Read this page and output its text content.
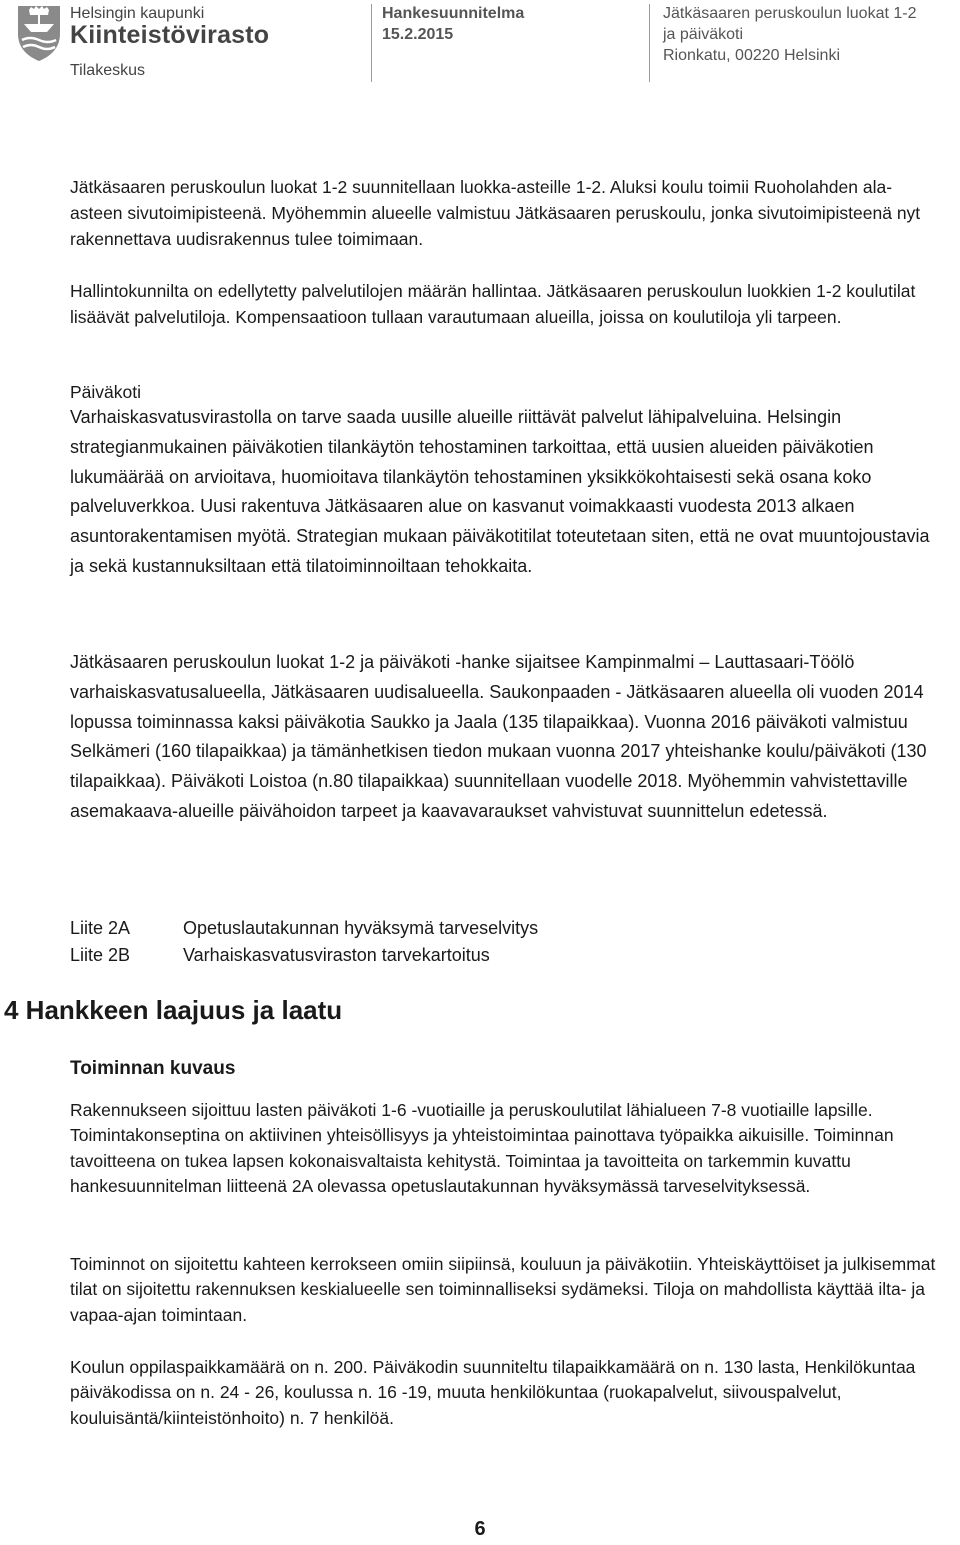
Helsingin kaupunki
Kiinteistövirasto
Tilakeskus
Hankesuunnitelma
15.2.2015
Jätkäsaaren peruskoulun luokat 1-2
ja päiväkoti
Rionkatu, 00220 Helsinki

Jätkäsaaren peruskoulun luokat 1-2 suunnitellaan luokka-asteille 1-2. Aluksi koulu toimii Ruoholahden ala-asteen sivutoimipisteenä. Myöhemmin alueelle valmistuu Jätkäsaaren peruskoulu, jonka sivutoimipisteenä nyt rakennettava uudisrakennus tulee toimimaan.

Hallintokunnilta on edellytetty palvelutilojen määrän hallintaa. Jätkäsaaren peruskoulun luokkien 1-2 koulutilat lisäävät palvelutiloja. Kompensaatioon tullaan varautumaan alueilla, joissa on koulutiloja yli tarpeen.

Päiväkoti

Varhaiskasvatusvirastolla on tarve saada uusille alueille riittävät palvelut lähipalveluina. Helsingin strategianmukainen päiväkotien tilankäytön tehostaminen tarkoittaa, että uusien alueiden päiväkotien lukumäärää on arvioitava, huomioitava tilankäytön tehostaminen yksikkökohtaisesti sekä osana koko palveluverkkoa. Uusi rakentuva Jätkäsaaren alue on kasvanut voimakkaasti vuodesta 2013 alkaen asuntorakentamisen myötä. Strategian mukaan päiväkotitilat toteutetaan siten, että ne ovat muuntojoustavia ja sekä kustannuksiltaan että tilatoiminnoiltaan tehokkaita.

Jätkäsaaren peruskoulun luokat 1-2 ja päiväkoti -hanke sijaitsee Kampinmalmi – Lauttasaari-Töölö varhaiskasvatusalueella, Jätkäsaaren uudisalueella. Saukonpaaden - Jätkäsaaren alueella oli vuoden 2014 lopussa toiminnassa kaksi päiväkotia Saukko ja Jaala (135 tilapaikkaa). Vuonna 2016 päiväkoti valmistuu Selkämeri (160 tilapaikkaa) ja tämänhetkisen tiedon mukaan vuonna 2017 yhteishanke koulu/päiväkoti (130 tilapaikkaa). Päiväkoti Loistoa (n.80 tilapaikkaa) suunnitellaan vuodelle 2018. Myöhemmin vahvistettaville asemakaava-alueille päivähoidon tarpeet ja kaavavaraukset vahvistuvat suunnittelun edetessä.

Liite 2A	Opetuslautakunnan hyväksymä tarveselvitys
Liite 2B	Varhaiskasvatusviraston tarvekartoitus
4 Hankkeen laajuus ja laatu
Toiminnan kuvaus

Rakennukseen sijoittuu lasten päiväkoti 1-6 -vuotiaille ja peruskoulutilat lähialueen 7-8 vuotiaille lapsille. Toimintakonseptina on aktiivinen yhteisöllisyys ja yhteistoimintaa painottava työpaikka aikuisille. Toiminnan tavoitteena on tukea lapsen kokonaisvaltaista kehitystä. Toimintaa ja tavoitteita on tarkemmin kuvattu hankesuunnitelman liitteenä 2A olevassa opetuslautakunnan hyväksymässä tarveselvityksessä.

Toiminnot on sijoitettu kahteen kerrokseen omiin siipiinsä, kouluun ja päiväkotiin. Yhteiskäyttöiset ja julkisemmat tilat on sijoitettu rakennuksen keskialueelle sen toiminnalliseksi sydämeksi. Tiloja on mahdollista käyttää ilta- ja vapaa-ajan toimintaan.

Koulun oppilaspaikkamäärä on n. 200. Päiväkodin suunniteltu tilapaikkamäärä on n. 130 lasta, Henkilökuntaa päiväkodissa on n. 24 - 26, koulussa n. 16 -19, muuta henkilökuntaa (ruokapalvelut, siivouspalvelut, kouluisäntä/kiinteistönhoito) n. 7 henkilöä.

6
